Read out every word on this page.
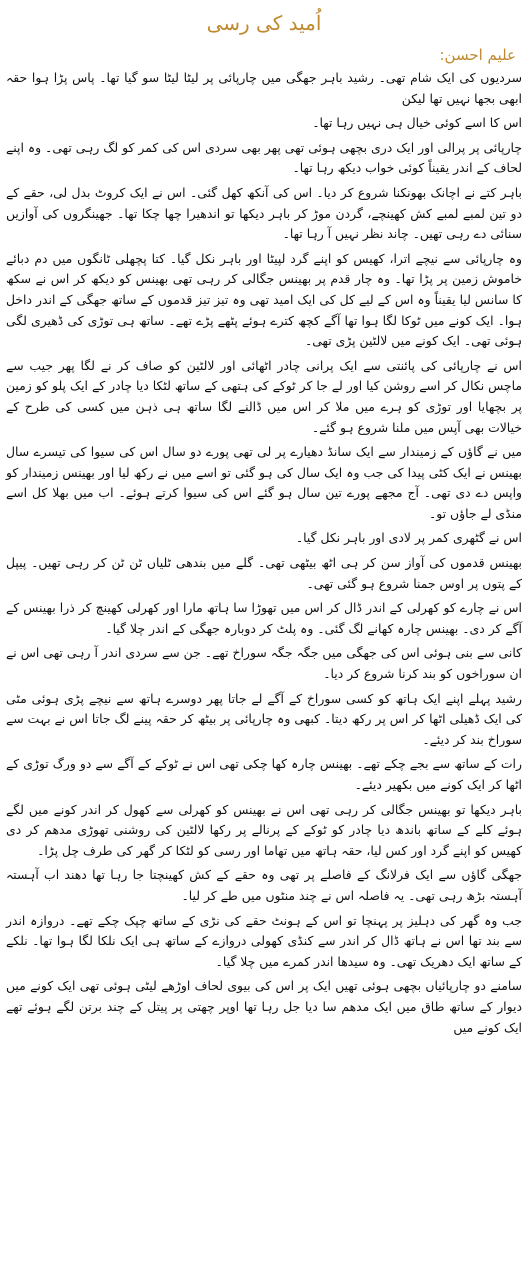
اُمید کی رسی
علیم احسن:

سردیوں کی ایک شام تھی۔ رشید باہر جھگی میں چارپائی پر لیٹا لیٹا سو گیا تھا۔ پاس پڑا ہوا حقہ ابھی بجھا نہیں تھا لیکن

اس کا اسے کوئی خیال ہی نہیں رہا تھا۔

چارپائی پر پرالی اور ایک دری بچھی ہوئی تھی پھر بھی سردی اس کی کمر کو لگ رہی تھی۔ وہ اپنے لحاف کے اندر یقیناً کوئی خواب دیکھ رہا تھا۔

باہر کتے نے اچانک بھونکنا شروع کر دیا۔ اس کی آنکھ کھل گئی۔ اس نے ایک کروٹ بدل لی، حقے کے دو تین لمبے لمبے کش کھینچے، گردن موڑ کر باہر دیکھا تو اندھیرا چھا چکا تھا۔ جھینگروں کی آوازیں سنائی دے رہی تھیں۔ چاند نظر نہیں آ رہا تھا۔

وہ چارپائی سے نیچے اترا، کھیس کو اپنے گرد لپیٹا اور باہر نکل گیا۔ کتا پچھلی ٹانگوں میں دم دبائے خاموش زمین پر پڑا تھا۔ وہ چار قدم پر بھینس جگالی کر رہی تھی بھینس کو دیکھ کر اس نے سکھ کا سانس لیا یقیناً وہ اس کے لیے کل کی ایک امید تھی وہ تیز تیز قدموں کے ساتھ جھگی کے اندر داخل ہوا۔ ایک کونے میں ٹوکا لگا ہوا تھا آگے کچھ کترے ہوئے پٹھے پڑے تھے۔ ساتھ ہی توڑی کی ڈھیری لگی ہوئی تھی۔ ایک کونے میں لالٹین پڑی تھی۔

اس نے چارپائی کی پائنتی سے ایک پرانی چادر اٹھائی اور لالٹین کو صاف کر نے لگا پھر جیب سے ماچس نکال کر اسے روشن کیا اور لے جا کر ٹوکے کی ہتھی کے ساتھ لٹکا دیا چادر کے ایک پلو کو زمین پر بچھایا اور توڑی کو ہرے میں ملا کر اس میں ڈالنے لگا ساتھ ہی ذہن میں کسی کی طرح کے خیالات بھی آپس میں ملنا شروع ہو گئے۔

میں نے گاؤں کے زمیندار سے ایک سانڈ دھیارے پر لی تھی پورے دو سال اس کی سیوا کی تیسرے سال بھینس نے ایک کٹی پیدا کی جب وہ ایک سال کی ہو گئی تو اسے میں نے رکھ لیا اور بھینس زمیندار کو واپس دے دی تھی۔ آج مجھے پورے تین سال ہو گئے اس کی سیوا کرتے ہوئے۔ اب میں بھلا کل اسے منڈی لے جاؤں تو۔

اس نے گٹھری کمر پر لادی اور باہر نکل گیا۔

بھینس قدموں کی آواز سن کر ہی اٹھ بیٹھی تھی۔ گلے میں بندھی ٹلیاں ٹن ٹن کر رہی تھیں۔ پیپل کے پتوں پر اوس جمنا شروع ہو گئی تھی۔

اس نے چارے کو کھرلی کے اندر ڈال کر اس میں تھوڑا سا ہاتھ مارا اور کھرلی کھینچ کر ذرا بھینس کے آگے کر دی۔ بھینس چارہ کھانے لگ گئی۔ وہ پلٹ کر دوبارہ جھگی کے اندر چلا گیا۔

کانی سے بنی ہوئی اس کی جھگی میں جگہ جگہ سوراخ تھے۔ جن سے سردی اندر آ رہی تھی اس نے ان سوراخوں کو بند کرنا شروع کر دیا۔

رشید پہلے اپنے ایک ہاتھ کو کسی سوراخ کے آگے لے جاتا پھر دوسرے ہاتھ سے نیچے پڑی ہوئی مٹی کی ایک ڈھیلی اٹھا کر اس پر رکھ دیتا۔ کبھی وہ چارپائی پر بیٹھ کر حقہ پینے لگ جاتا اس نے بہت سے سوراخ بند کر دیئے۔

رات کے ساتھ سے بجے چکے تھے۔ بھینس چارہ کھا چکی تھی اس نے ٹوکے کے آگے سے دو ورگ توڑی کے اٹھا کر ایک کونے میں بکھیر دیئے۔

باہر دیکھا تو بھینس جگالی کر رہی تھی اس نے بھینس کو کھرلی سے کھول کر اندر کونے میں لگے ہوئے کلے کے ساتھ باندھ دیا چادر کو ٹوکے کے پرنالے پر رکھا لالٹین کی روشنی تھوڑی مدھم کر دی کھیس کو اپنے گرد اور کس لیا، حقہ ہاتھ میں تھاما اور رسی کو لٹکا کر گھر کی طرف چل پڑا۔

جھگی گاؤں سے ایک فرلانگ کے فاصلے پر تھی وہ حقے کے کش کھینچتا جا رہا تھا دھند اب آہستہ آہستہ بڑھ رہی تھی۔ یہ فاصلہ اس نے چند منٹوں میں طے کر لیا۔

جب وہ گھر کی دہلیز پر پہنچا تو اس کے ہونٹ حقے کی نڑی کے ساتھ چپک چکے تھے۔ دروازہ اندر سے بند تھا اس نے ہاتھ ڈال کر اندر سے کنڈی کھولی دروازے کے ساتھ ہی ایک نلکا لگا ہوا تھا۔ نلکے کے ساتھ ایک دھریک تھی۔ وہ سیدھا اندر کمرے میں چلا گیا۔

سامنے دو چارپائیاں بچھی ہوئی تھیں ایک پر اس کی بیوی لحاف اوڑھے لیٹی ہوئی تھی ایک کونے میں دیوار کے ساتھ طاق میں ایک مدھم سا دیا جل رہا تھا اوپر چھتی پر پیتل کے چند برتن لگے ہوئے تھے ایک کونے میں
